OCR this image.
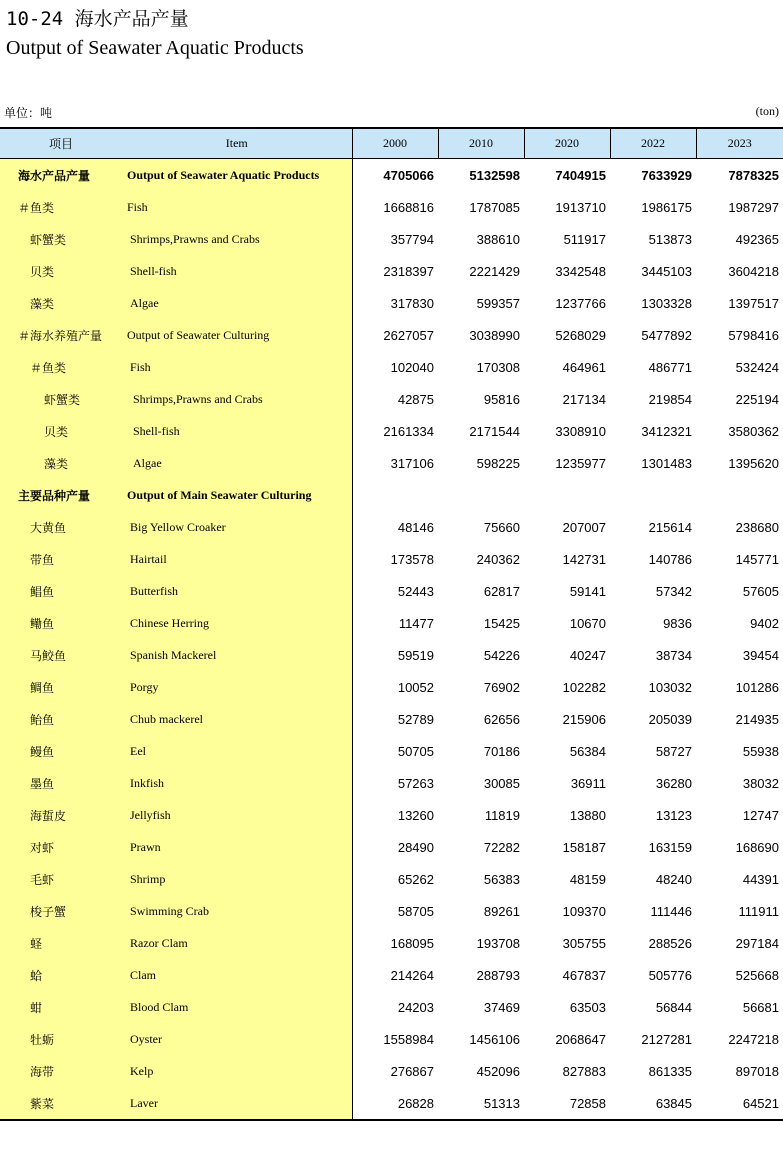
10-24 海水产品产量
Output of Seawater Aquatic Products
单位：吨	(ton)
项目	Item	2000	2010	2020	2022	2023
海水产品产量	Output of Seawater Aquatic Products	4705066	5132598	7404915	7633929	7878325
＃鱼类	Fish	1668816	1787085	1913710	1986175	1987297
虾蟹类	Shrimps,Prawns and Crabs	357794	388610	511917	513873	492365
贝类	Shell-fish	2318397	2221429	3342548	3445103	3604218
藻类	Algae	317830	599357	1237766	1303328	1397517
＃海水养殖产量	Output of Seawater Culturing	2627057	3038990	5268029	5477892	5798416
＃鱼类	Fish	102040	170308	464961	486771	532424
虾蟹类	Shrimps,Prawns and Crabs	42875	95816	217134	219854	225194
贝类	Shell-fish	2161334	2171544	3308910	3412321	3580362
藻类	Algae	317106	598225	1235977	1301483	1395620
主要品种产量	Output of Main Seawater Culturing					
大黄鱼	Big Yellow Croaker	48146	75660	207007	215614	238680
带鱼	Hairtail	173578	240362	142731	140786	145771
鲳鱼	Butterfish	52443	62817	59141	57342	57605
鳓鱼	Chinese Herring	11477	15425	10670	9836	9402
马鲛鱼	Spanish Mackerel	59519	54226	40247	38734	39454
鲷鱼	Porgy	10052	76902	102282	103032	101286
鲐鱼	Chub mackerel	52789	62656	215906	205039	214935
鳗鱼	Eel	50705	70186	56384	58727	55938
墨鱼	Inkfish	57263	30085	36911	36280	38032
海蜇皮	Jellyfish	13260	11819	13880	13123	12747
对虾	Prawn	28490	72282	158187	163159	168690
毛虾	Shrimp	65262	56383	48159	48240	44391
梭子蟹	Swimming Crab	58705	89261	109370	111446	111911
蛏	Razor Clam	168095	193708	305755	288526	297184
蛤	Clam	214264	288793	467837	505776	525668
蚶	Blood Clam	24203	37469	63503	56844	56681
牡蛎	Oyster	1558984	1456106	2068647	2127281	2247218
海带	Kelp	276867	452096	827883	861335	897018
紫菜	Laver	26828	51313	72858	63845	64521
